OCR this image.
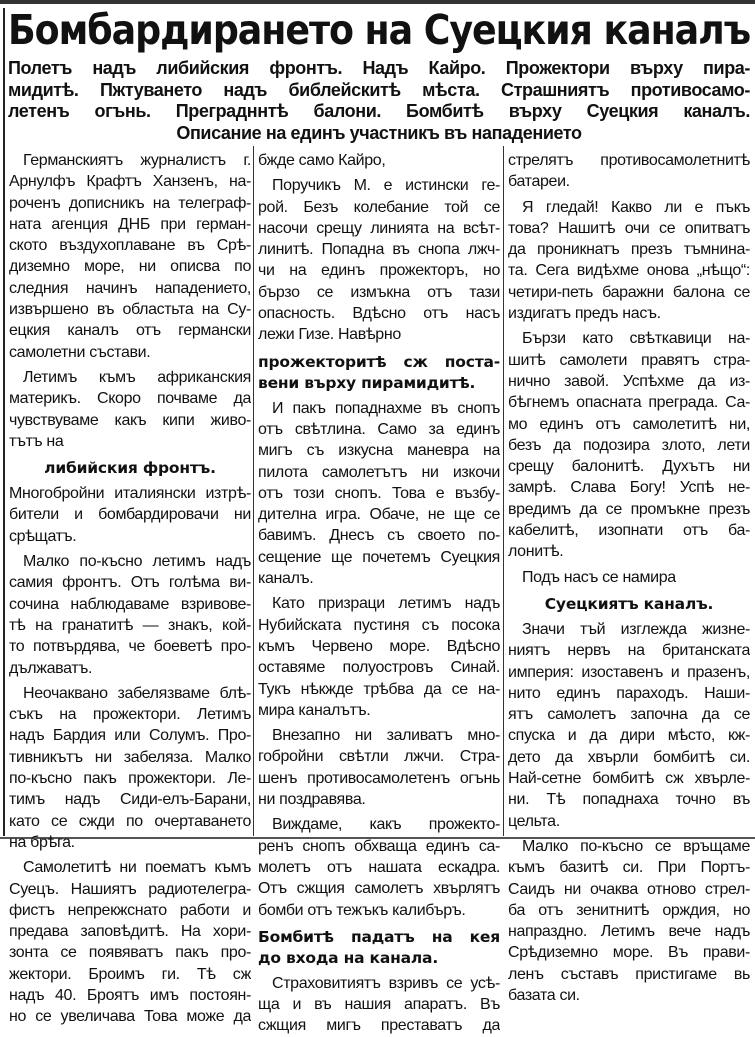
Бомбардирането на Суецкия каналъ
Полетъ надъ либийския фронтъ. Надъ Кайро. Прожектори върху пира-
мидитѣ. Пжтуването надъ библейскитѣ мѣста. Страшниятъ противосамо-
летенъ огънь. Преградннтѣ балони. Бомбитѣ върху Суецкия каналъ.
Описание на единъ участникъ въ нападението
Германскиятъ журналистъ г.
Арнулфъ Крафтъ Ханзенъ, на-
роченъ дописникъ на телеграф-
ната агенция ДНБ при герман-
ското въздухоплаване въ Срѣ-
диземно море, ни описва по
следния начинъ нападението,
извършено въ областьта на Су-
ецкия каналъ отъ германски
самолетни състави.
Летимъ къмъ африканския
материкъ. Скоро почваме да
чувствуваме какъ кипи живо-
тътъ на
либийския фронтъ.
Многобройни италиянски изтрѣ-
бители и бомбардировачи ни
срѣщатъ.
Малко по-късно летимъ надъ
самия фронтъ. Отъ голѣма ви-
сочина наблюдаваме взривове-
тѣ на гранатитѣ — знакъ, кой-
то потвърдява, че боеветѣ про-
дължаватъ.
Неочаквано забелязваме блѣ-
съкъ на прожектори. Летимъ
надъ Бардия или Солумъ. Про-
тивникътъ ни забеляза. Малко
по-късно пакъ прожектори. Ле-
тимъ надъ Сиди-елъ-Барани,
като се сжди по очертаването
на брѣга.
Самолетитѣ ни поематъ къмъ
Суецъ. Нашиятъ радиотелегра-
фистъ непрекжснато работи и
предава заповѣдитѣ. На хори-
зонта се появяватъ пакъ про-
жектори. Броимъ ги. Тѣ сж
надъ 40. Броятъ имъ постоян-
но се увеличава Това може да
бжде само Кайро,
Поручикъ М. е истински ге-
рой. Безъ колебание той се
насочи срещу линията на всѣт-
линитѣ. Попадна въ снопа лжч-
чи на единъ прожекторъ, но
бързо се измъкна отъ тази
опасность. Вдѣсно отъ насъ
лежи Гизе. Навѣрно
прожекторитѣ сж поста-
вени върху пирамидитѣ.
И пакъ попаднахме въ снопъ
отъ свѣтлина. Само за единъ
мигъ съ изкусна маневра на
пилота самолетътъ ни изкочи
отъ този снопъ. Това е възбу-
дителна игра. Обаче, не ще се
бавимъ. Днесъ съ своето по-
сещение ще почетемъ Суецкия
каналъ.
Като призраци летимъ надъ
Нубийската пустиня съ посока
къмъ Червено море. Вдѣсно
оставяме полуостровъ Синай.
Тукъ нѣкжде трѣбва да се на-
мира каналътъ.
Внезапно ни заливатъ мно-
гобройни свѣтли лжчи. Стра-
шенъ противосамолетенъ огънь
ни поздравява.
Виждаме, какъ прожекто-
ренъ снопъ обхваща единъ са-
молетъ отъ нашата ескадра.
Отъ сжщия самолетъ хвърлятъ
бомби отъ тежъкъ калибъръ.
Бомбитѣ падатъ на кея
до входа на канала.
Страховитиятъ взривъ се усѣ-
ща и въ нашия апаратъ. Въ
сжщия мигъ преставатъ да
стрелятъ противосамолетнитѣ
батареи.
Я гледай! Какво ли е пъкъ
това? Нашитѣ очи се опитватъ
да проникнатъ презъ тъмнина-
та. Сега видѣхме онова „нѣщо“:
четири-петь баражни балона се
издигатъ предъ насъ.
Бързи като свѣткавици на-
шитѣ самолети правятъ стра-
нично завой. Успѣхме да из-
бѣгнемъ опасната преграда. Са-
мо единъ отъ самолетитѣ ни,
безъ да подозира злото, лети
срещу балонитѣ. Духътъ ни
замрѣ. Слава Богу! Успѣ не-
вредимъ да се промъкне презъ
кабелитѣ, изопнати отъ ба-
лонитѣ.
Подъ насъ се намира
Суецкиятъ каналъ.
Значи тъй изглежда жизне-
ниятъ нервъ на британската
империя: изоставенъ и празенъ,
нито единъ параходъ. Наши-
ятъ самолетъ започна да се
спуска и да дири мѣсто, кж-
дето да хвърли бомбитѣ си.
Най-сетне бомбитѣ сж хвърле-
ни. Тѣ попаднаха точно въ
цельта.
Малко по-късно се връщаме
къмъ базитѣ си. При Портъ-
Саидъ ни очаква отново стрел-
ба отъ зенитнитѣ орждия, но
напраздно. Летимъ вече надъ
Срѣдиземно море. Въ прави-
ленъ съставъ пристигаме вь
базата си.
